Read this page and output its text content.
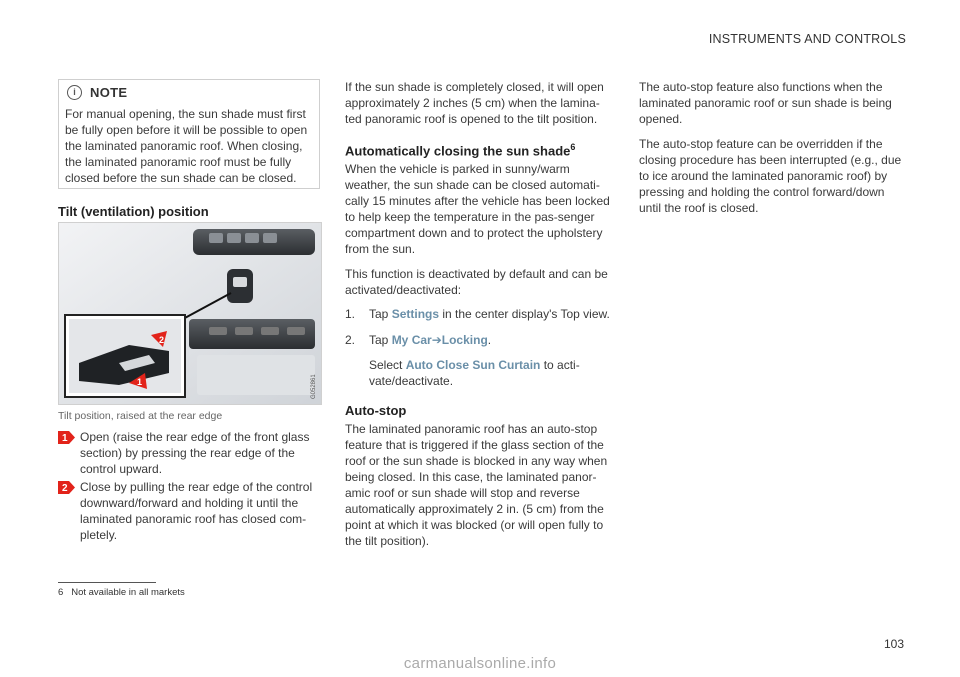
INSTRUMENTS AND CONTROLS
i	NOTE

For manual opening, the sun shade must first be fully open before it will be possible to open the laminated panoramic roof. When closing, the laminated panoramic roof must be fully closed before the sun shade can be closed.

Tilt (ventilation) position
2
1	G052861
Tilt position, raised at the rear edge
1 Open (raise the rear edge of the front glass section) by pressing the rear edge of the control upward.

2 Close by pulling the rear edge of the control downward/forward and holding it until the laminated panoramic roof has closed com-pletely.

If the sun shade is completely closed, it will open approximately 2 inches (5 cm) when the lamina-ted panoramic roof is opened to the tilt position.

Automatically closing the sun shade$^6$

When the vehicle is parked in sunny/warm weather, the sun shade can be closed automati-cally 15 minutes after the vehicle has been locked to help keep the temperature in the pas-senger compartment down and to protect the upholstery from the sun.

This function is deactivated by default and can be activated/deactivated:

1.	Tap Settings in the center display's Top view.
2.	Tap My Car➔Locking.
Select Auto Close Sun Curtain to acti-vate/deactivate.
Auto-stop

The laminated panoramic roof has an auto-stop feature that is triggered if the glass section of the roof or the sun shade is blocked in any way when being closed. In this case, the laminated panor-amic roof or sun shade will stop and reverse automatically approximately 2 in. (5 cm) from the point at which it was blocked (or will open fully to the tilt position).

The auto-stop feature also functions when the laminated panoramic roof or sun shade is being opened.

The auto-stop feature can be overridden if the closing procedure has been interrupted (e.g., due to ice around the laminated panoramic roof) by pressing and holding the control forward/down until the roof is closed.

6 Not available in all markets
103
carmanualsonline.info
